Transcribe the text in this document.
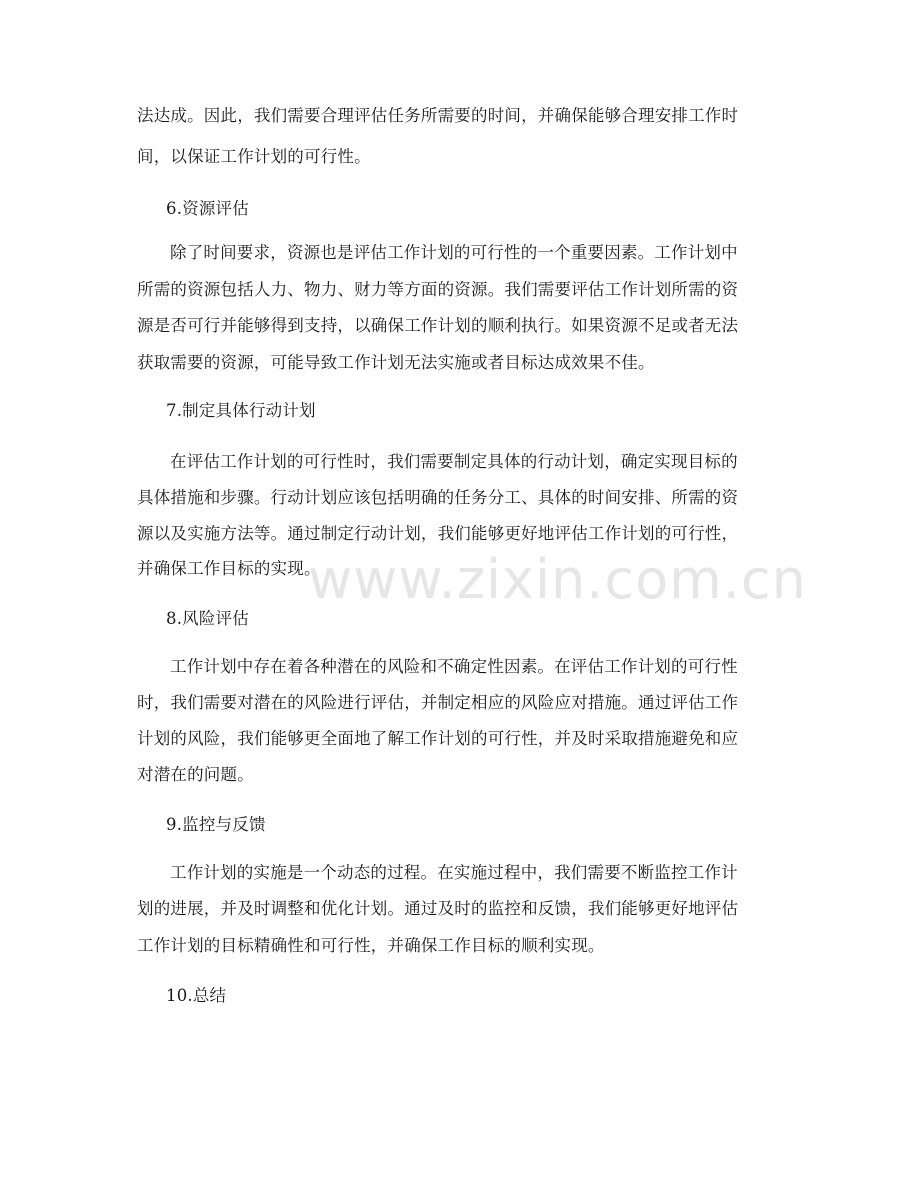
www.zixin.com.cn
法达成。因此，我们需要合理评估任务所需要的时间，并确保能够合理安排工作时
间，以保证工作计划的可行性。
6.资源评估
除了时间要求，资源也是评估工作计划的可行性的一个重要因素。工作计划中
所需的资源包括人力、物力、财力等方面的资源。我们需要评估工作计划所需的资
源是否可行并能够得到支持，以确保工作计划的顺利执行。如果资源不足或者无法
获取需要的资源，可能导致工作计划无法实施或者目标达成效果不佳。
7.制定具体行动计划
在评估工作计划的可行性时，我们需要制定具体的行动计划，确定实现目标的
具体措施和步骤。行动计划应该包括明确的任务分工、具体的时间安排、所需的资
源以及实施方法等。通过制定行动计划，我们能够更好地评估工作计划的可行性，
并确保工作目标的实现。
8.风险评估
工作计划中存在着各种潜在的风险和不确定性因素。在评估工作计划的可行性
时，我们需要对潜在的风险进行评估，并制定相应的风险应对措施。通过评估工作
计划的风险，我们能够更全面地了解工作计划的可行性，并及时采取措施避免和应
对潜在的问题。
9.监控与反馈
工作计划的实施是一个动态的过程。在实施过程中，我们需要不断监控工作计
划的进展，并及时调整和优化计划。通过及时的监控和反馈，我们能够更好地评估
工作计划的目标精确性和可行性，并确保工作目标的顺利实现。
10.总结
